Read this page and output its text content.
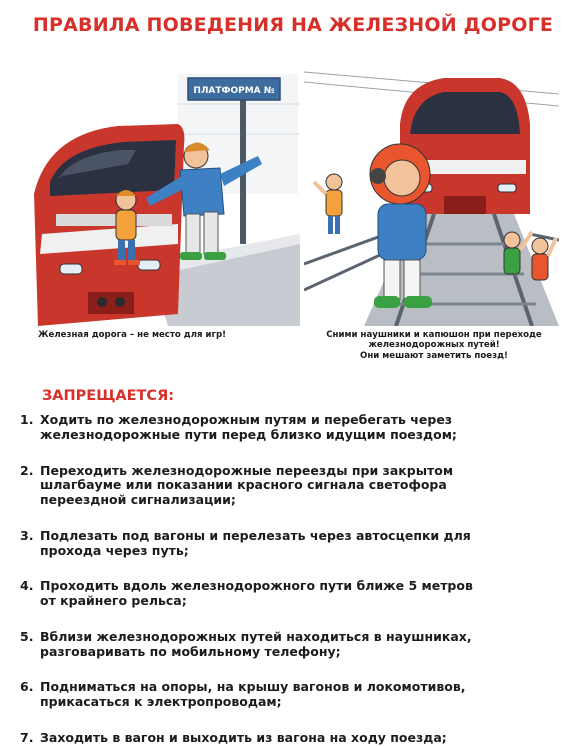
ПРАВИЛА ПОВЕДЕНИЯ НА ЖЕЛЕЗНОЙ ДОРОГЕ
ПЛАТФОРМА №
Железная дорога – не место для игр!	Сними наушники и капюшон при переходе
железнодорожных путей!
Они мешают заметить поезд!
ЗАПРЕЩАЕТСЯ:
1. Ходить по железнодорожным путям и перебегать через
железнодорожные пути перед близко идущим поездом;
2. Переходить железнодорожные переезды при закрытом
шлагбауме или показании красного сигнала светофора
переездной сигнализации;
3. Подлезать под вагоны и перелезать через автосцепки для
прохода через путь;
4. Проходить вдоль железнодорожного пути ближе 5 метров
от крайнего рельса;
5. Вблизи железнодорожных путей находиться в наушниках,
разговаривать по мобильному телефону;
6. Подниматься на опоры, на крышу вагонов и локомотивов,
прикасаться к электропроводам;
7. Заходить в вагон и выходить из вагона на ходу поезда;
